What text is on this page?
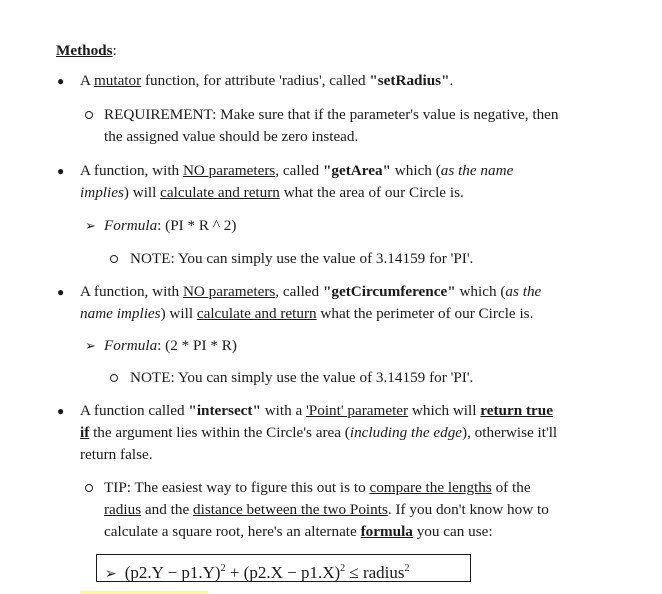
Methods:
● A mutator function, for attribute 'radius', called "setRadius".
REQUIREMENT: Make sure that if the parameter's value is negative, then
the assigned value should be zero instead.
● A function, with NO parameters, called "getArea" which (as the name
implies) will calculate and return what the area of our Circle is.
➢ Formula: (PI * R ^ 2)
NOTE: You can simply use the value of 3.14159 for 'PI'.
● A function, with NO parameters, called "getCircumference" which (as the
name implies) will calculate and return what the perimeter of our Circle is.
➢ Formula: (2 * PI * R)
NOTE: You can simply use the value of 3.14159 for 'PI'.
● A function called "intersect" with a 'Point' parameter which will return true
if the argument lies within the Circle's area (including the edge), otherwise it'll
return false.
TIP: The easiest way to figure this out is to compare the lengths of the
radius and the distance between the two Points. If you don't know how to
calculate a square root, here's an alternate formula you can use:
➢ $(p2.Y - p1.Y)^2 + (p2.X - p1.X)^2$ ≤ radius$^2$
